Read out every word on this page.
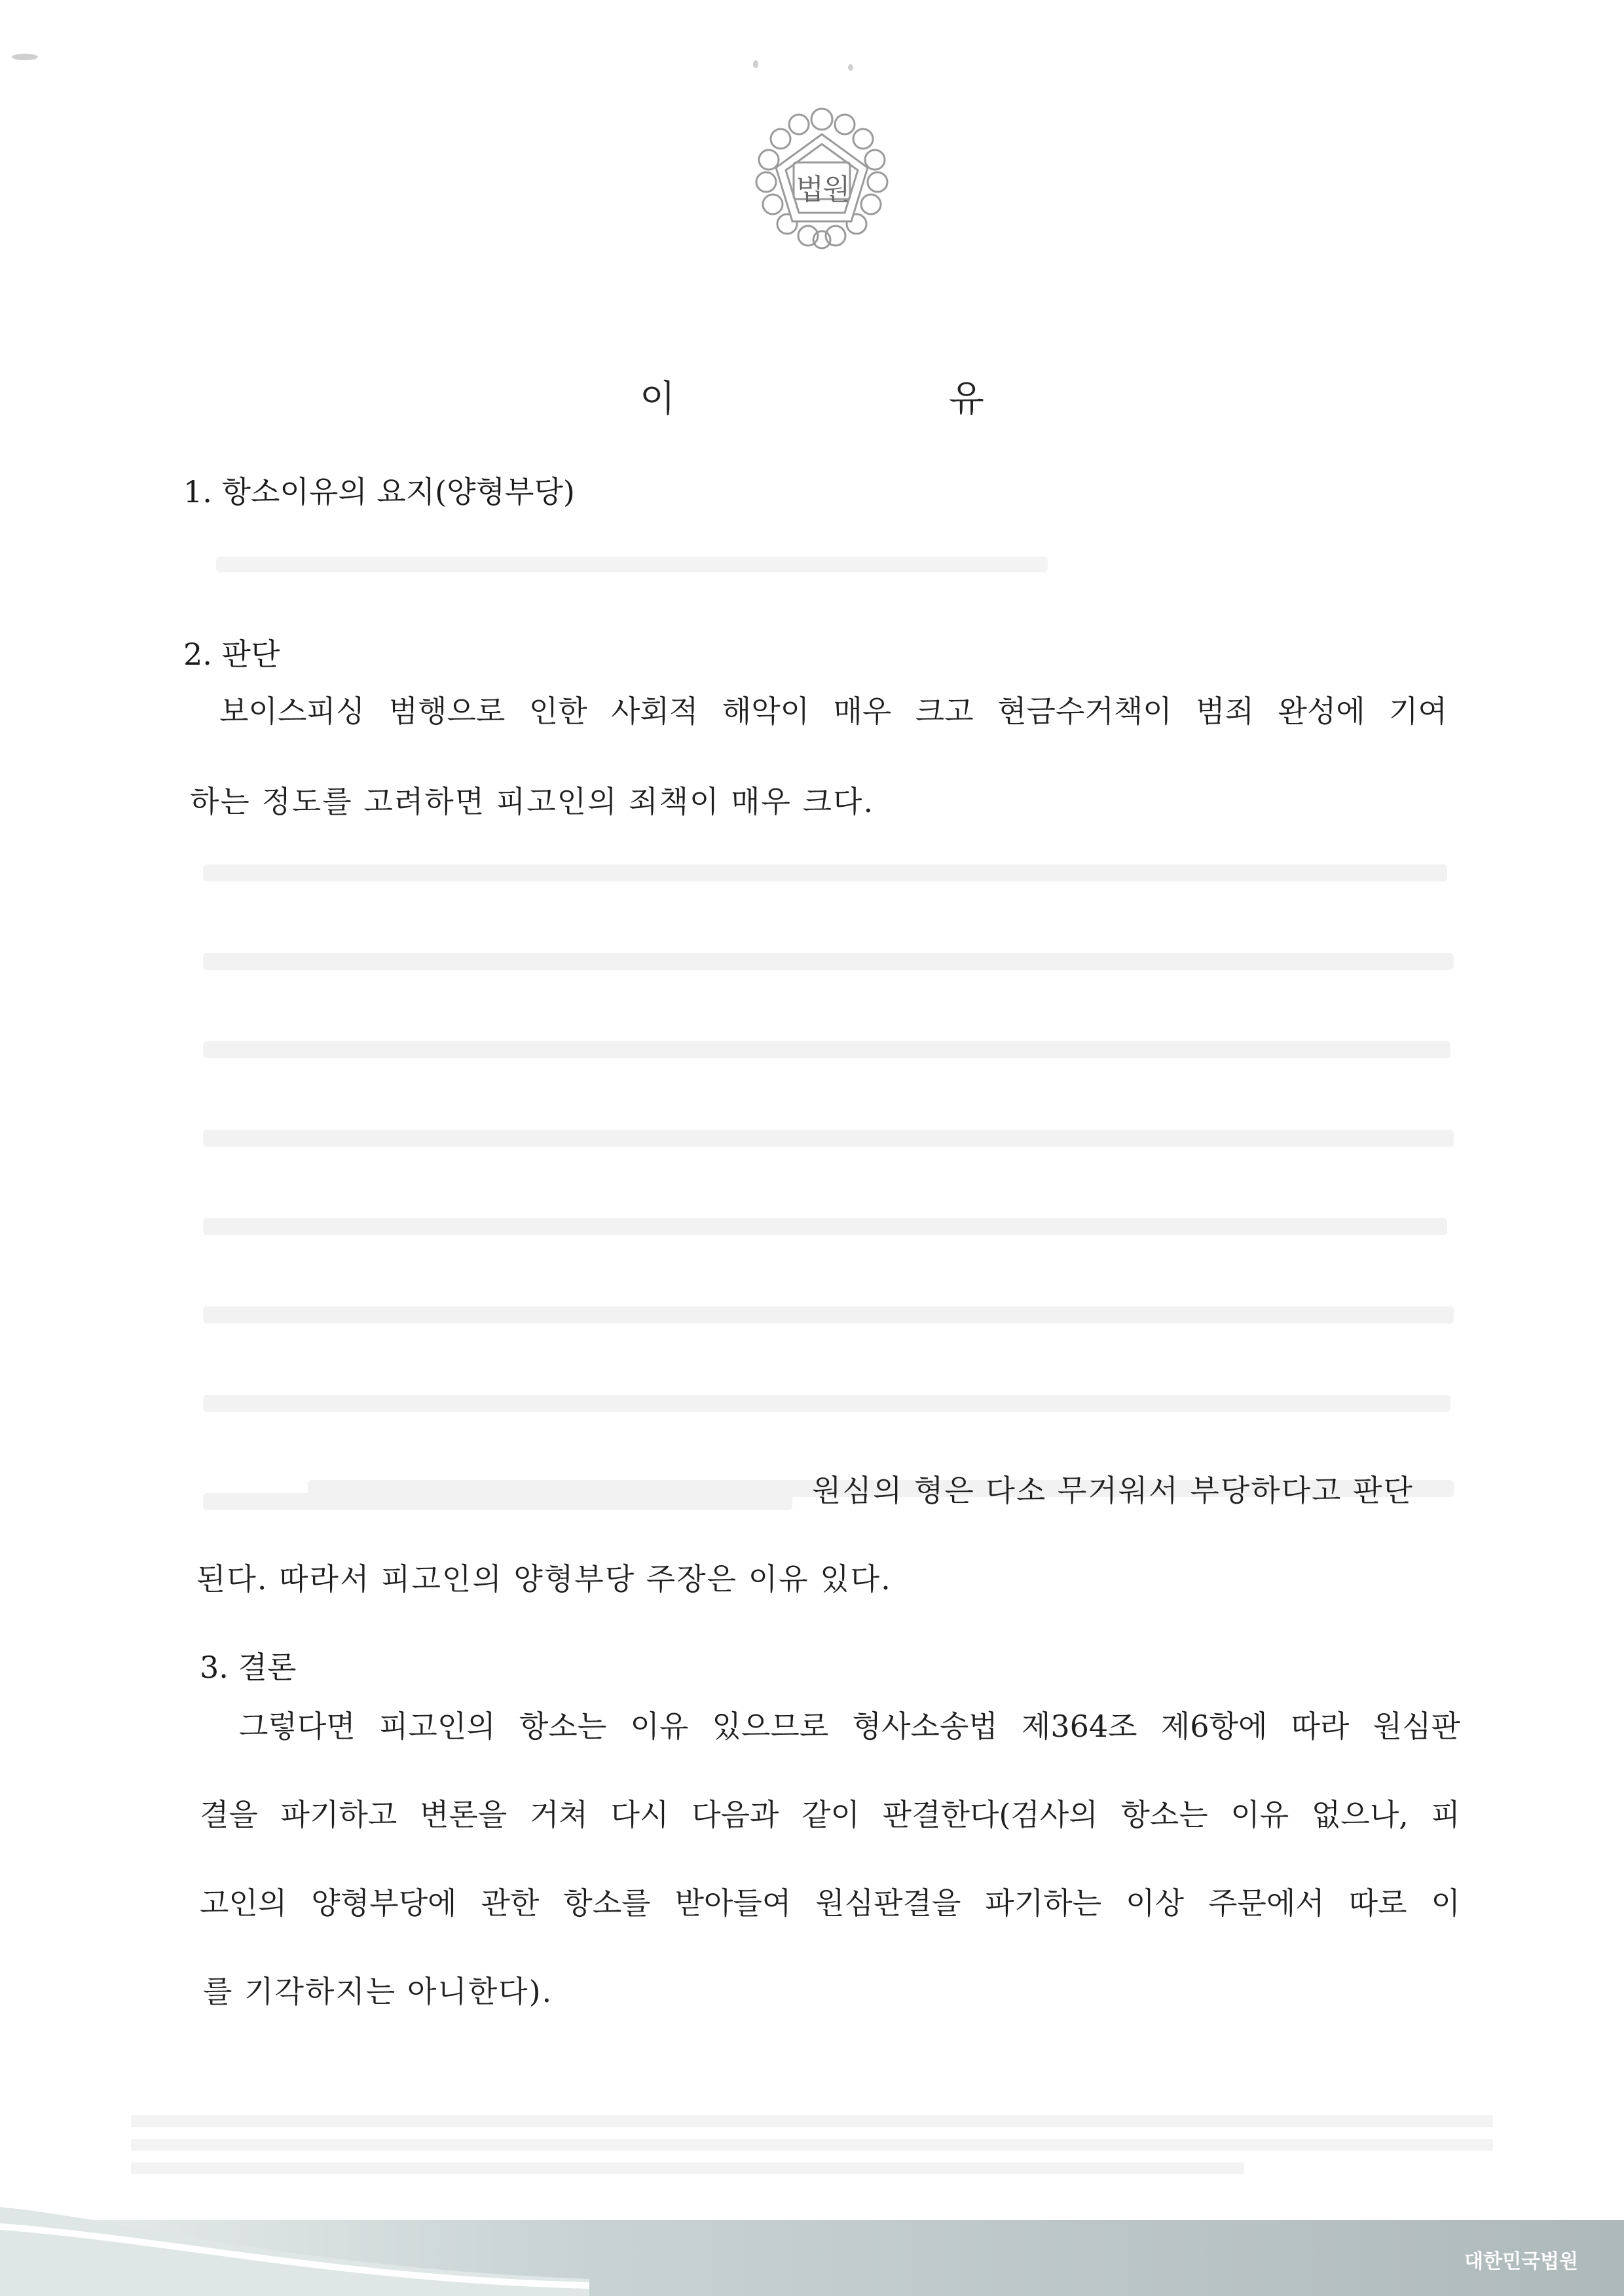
법원
이 유
1. 항소이유의 요지(양형부당)
2. 판단
보이스피싱 범행으로 인한 사회적 해악이 매우 크고 현금수거책이 범죄 완성에 기여
하는 정도를 고려하면 피고인의 죄책이 매우 크다.
원심의 형은 다소 무거워서 부당하다고 판단
된다. 따라서 피고인의 양형부당 주장은 이유 있다.
3. 결론
그렇다면 피고인의 항소는 이유 있으므로 형사소송법 제364조 제6항에 따라 원심판
결을 파기하고 변론을 거쳐 다시 다음과 같이 판결한다(검사의 항소는 이유 없으나, 피
고인의 양형부당에 관한 항소를 받아들여 원심판결을 파기하는 이상 주문에서 따로 이
를 기각하지는 아니한다).
대한민국법원
